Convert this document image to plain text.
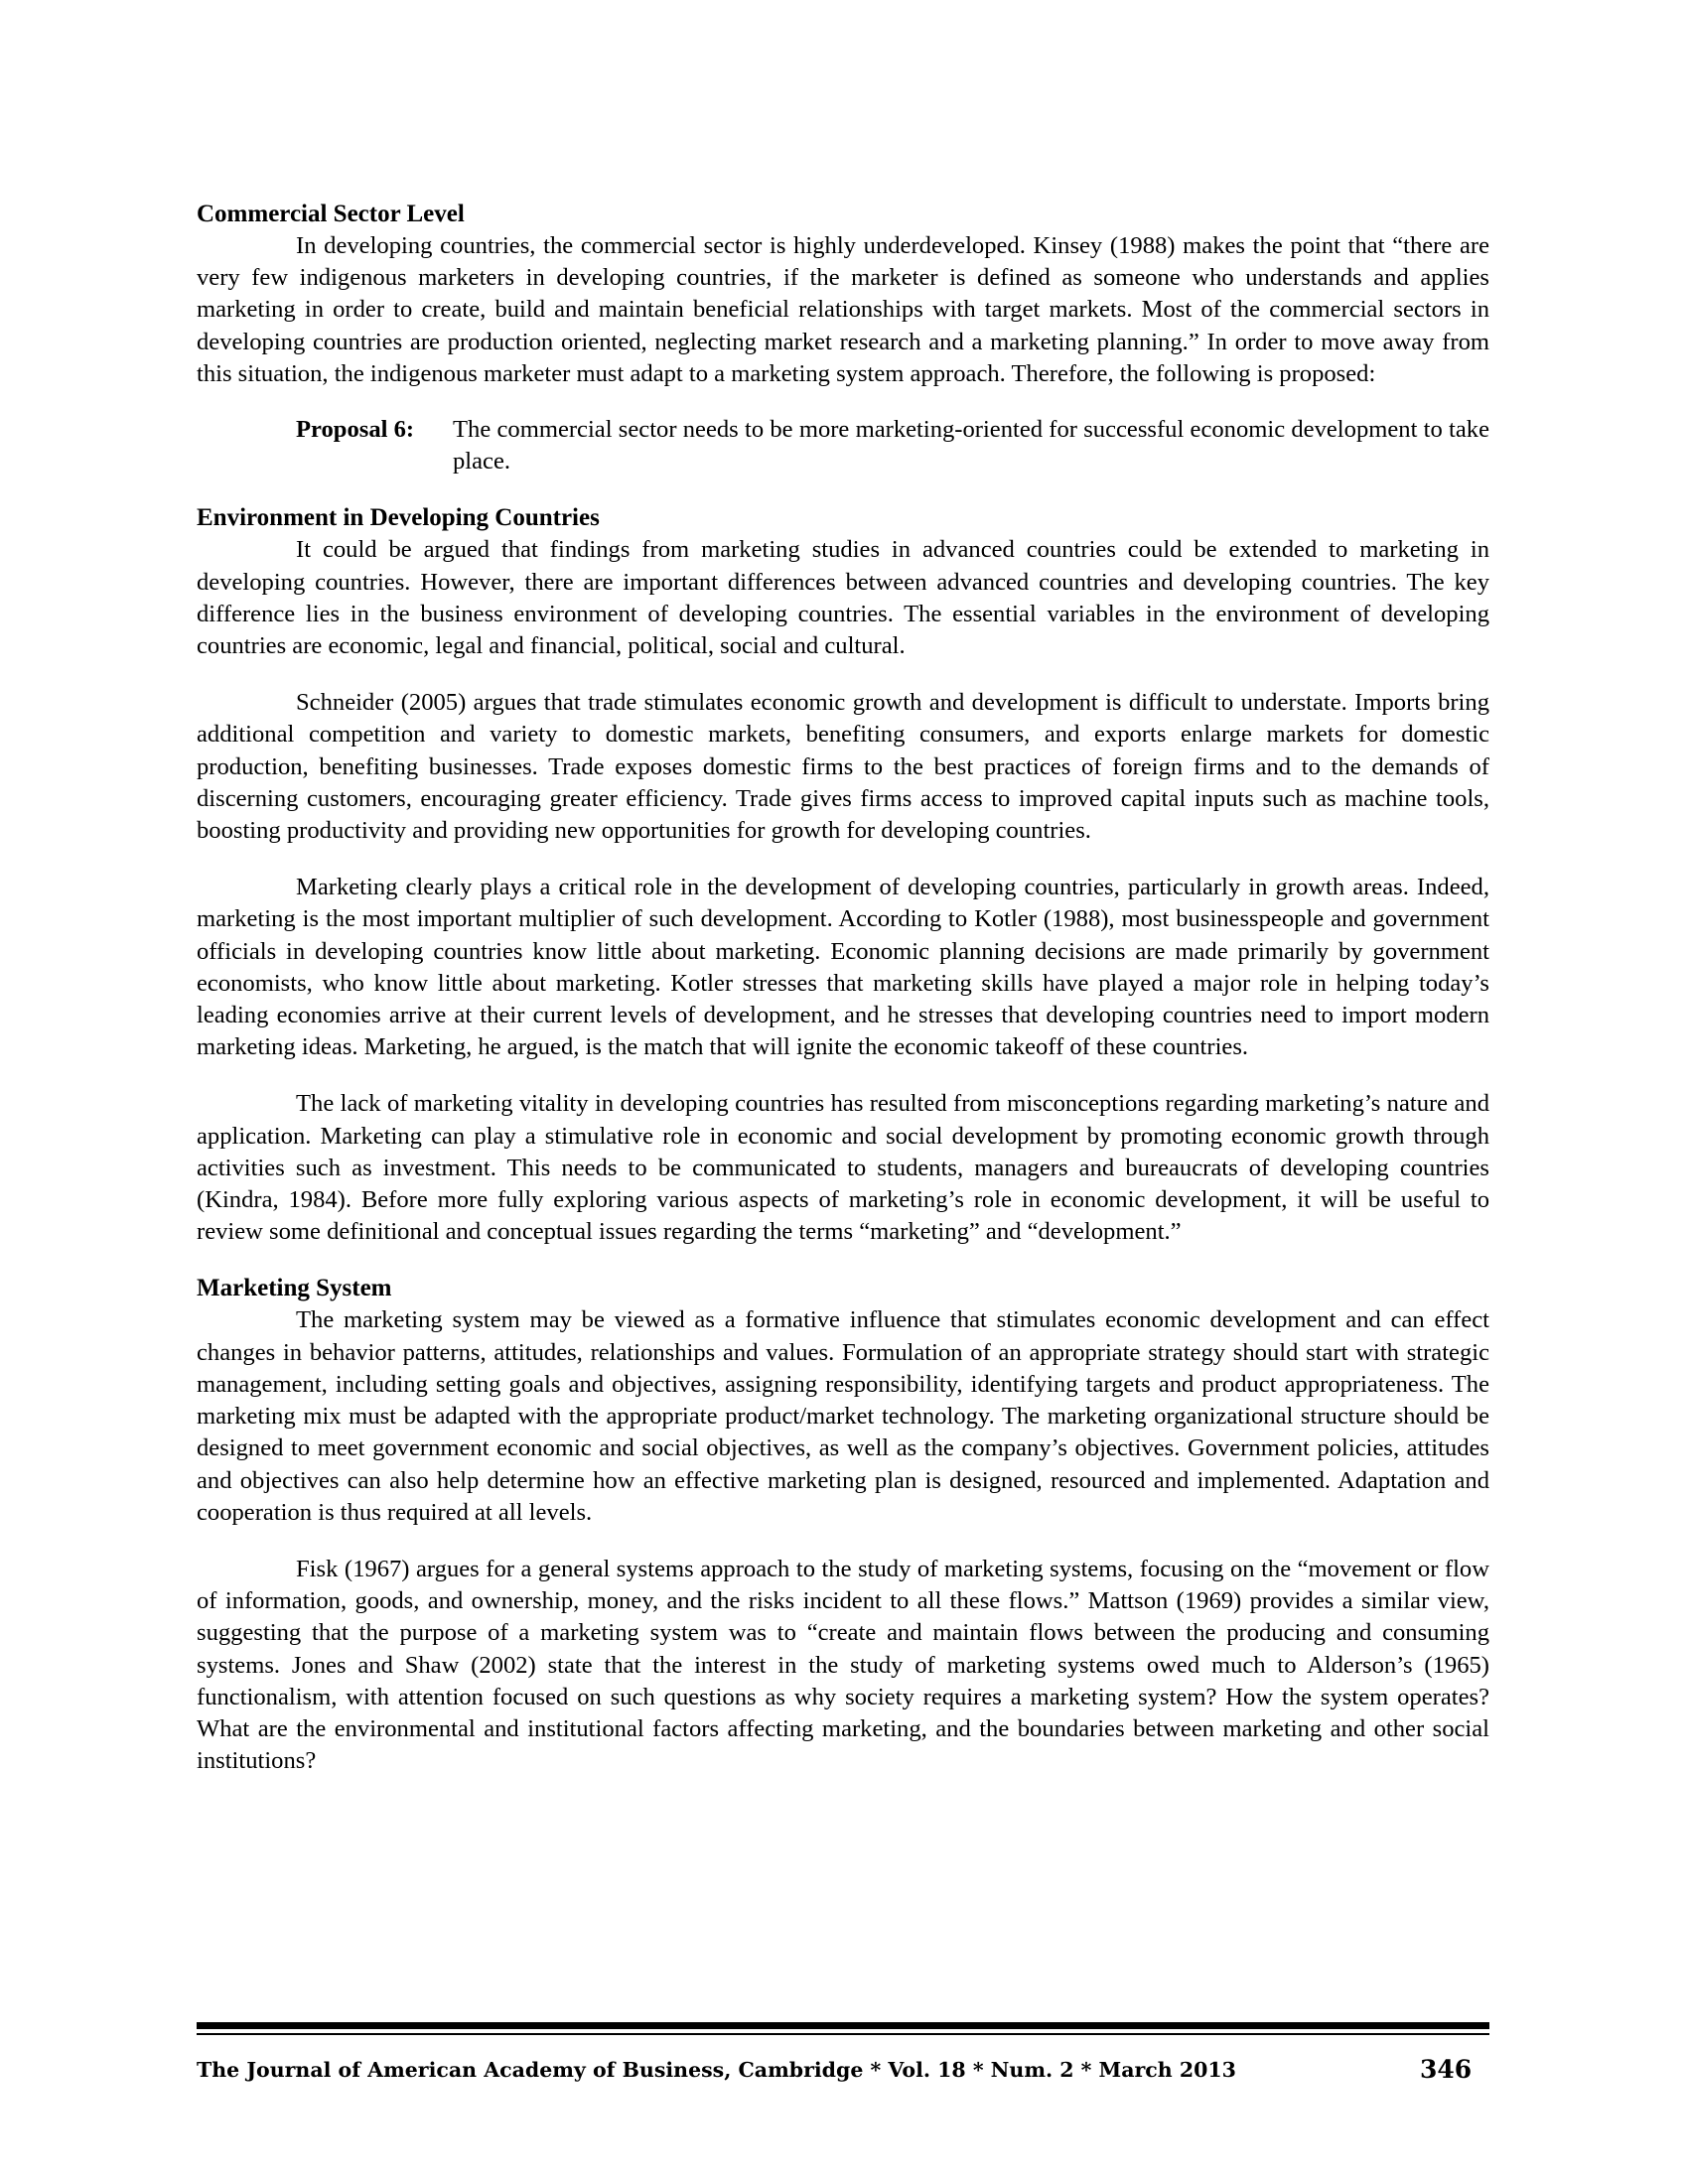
Commercial Sector Level

In developing countries, the commercial sector is highly underdeveloped. Kinsey (1988) makes the point that “there are very few indigenous marketers in developing countries, if the marketer is defined as someone who understands and applies marketing in order to create, build and maintain beneficial relationships with target markets. Most of the commercial sectors in developing countries are production oriented, neglecting market research and a marketing planning.” In order to move away from this situation, the indigenous marketer must adapt to a marketing system approach. Therefore, the following is proposed:

Proposal 6:	The commercial sector needs to be more marketing-oriented for successful economic development to take place.
Environment in Developing Countries

It could be argued that findings from marketing studies in advanced countries could be extended to marketing in developing countries. However, there are important differences between advanced countries and developing countries. The key difference lies in the business environment of developing countries. The essential variables in the environment of developing countries are economic, legal and financial, political, social and cultural.

Schneider (2005) argues that trade stimulates economic growth and development is difficult to understate. Imports bring additional competition and variety to domestic markets, benefiting consumers, and exports enlarge markets for domestic production, benefiting businesses. Trade exposes domestic firms to the best practices of foreign firms and to the demands of discerning customers, encouraging greater efficiency. Trade gives firms access to improved capital inputs such as machine tools, boosting productivity and providing new opportunities for growth for developing countries.

Marketing clearly plays a critical role in the development of developing countries, particularly in growth areas. Indeed, marketing is the most important multiplier of such development. According to Kotler (1988), most businesspeople and government officials in developing countries know little about marketing. Economic planning decisions are made primarily by government economists, who know little about marketing. Kotler stresses that marketing skills have played a major role in helping today’s leading economies arrive at their current levels of development, and he stresses that developing countries need to import modern marketing ideas. Marketing, he argued, is the match that will ignite the economic takeoff of these countries.

The lack of marketing vitality in developing countries has resulted from misconceptions regarding marketing’s nature and application. Marketing can play a stimulative role in economic and social development by promoting economic growth through activities such as investment. This needs to be communicated to students, managers and bureaucrats of developing countries (Kindra, 1984). Before more fully exploring various aspects of marketing’s role in economic development, it will be useful to review some definitional and conceptual issues regarding the terms “marketing” and “development.”

Marketing System

The marketing system may be viewed as a formative influence that stimulates economic development and can effect changes in behavior patterns, attitudes, relationships and values. Formulation of an appropriate strategy should start with strategic management, including setting goals and objectives, assigning responsibility, identifying targets and product appropriateness. The marketing mix must be adapted with the appropriate product/market technology. The marketing organizational structure should be designed to meet government economic and social objectives, as well as the company’s objectives. Government policies, attitudes and objectives can also help determine how an effective marketing plan is designed, resourced and implemented. Adaptation and cooperation is thus required at all levels.

Fisk (1967) argues for a general systems approach to the study of marketing systems, focusing on the “movement or flow of information, goods, and ownership, money, and the risks incident to all these flows.” Mattson (1969) provides a similar view, suggesting that the purpose of a marketing system was to “create and maintain flows between the producing and consuming systems. Jones and Shaw (2002) state that the interest in the study of marketing systems owed much to Alderson’s (1965) functionalism, with attention focused on such questions as why society requires a marketing system? How the system operates? What are the environmental and institutional factors affecting marketing, and the boundaries between marketing and other social institutions?

The Journal of American Academy of Business, Cambridge * Vol. 18 * Num. 2 * March 2013	346
